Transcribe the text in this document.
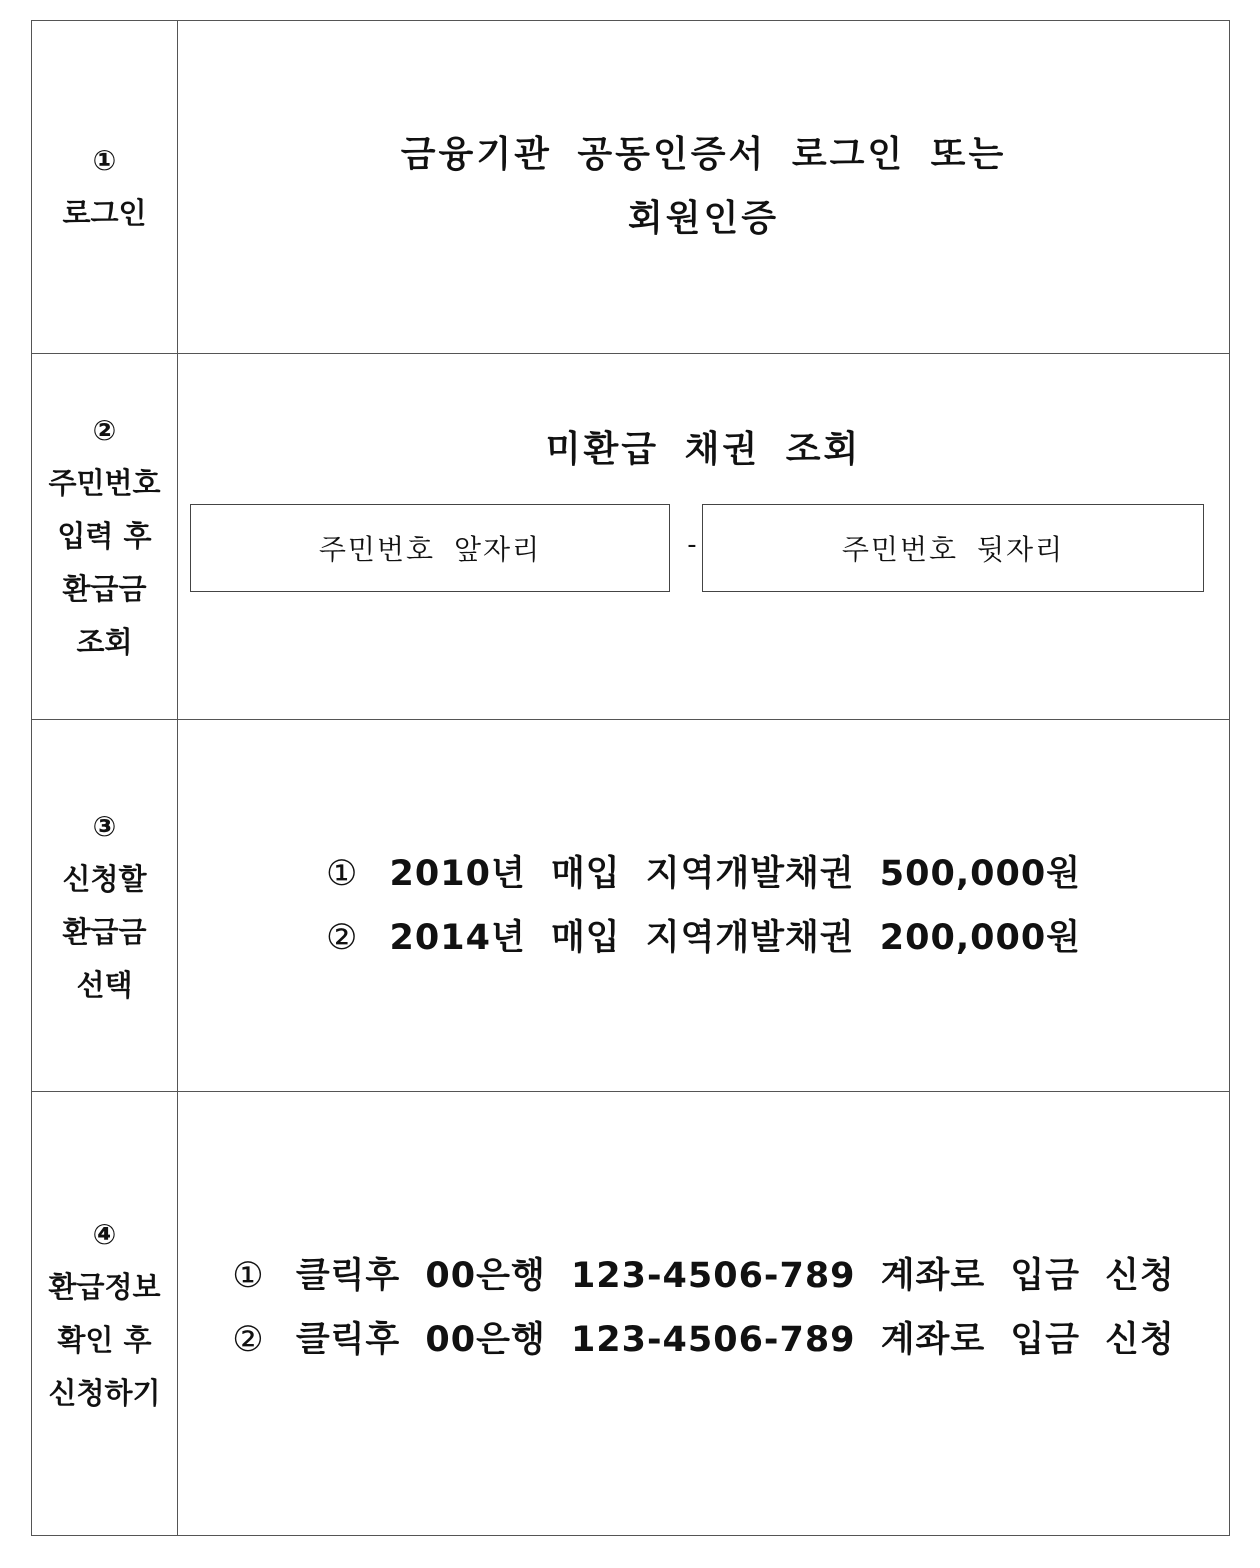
①
로그인
금융기관 공동인증서 로그인 또는
회원인증
②
주민번호
입력 후
환급금
조회
미환급 채권 조회
주민번호 앞자리	-	주민번호 뒷자리
③
신청할
환급금
선택
① 2010년 매입 지역개발채권 500,000원
② 2014년 매입 지역개발채권 200,000원
④
환급정보
확인 후
신청하기
① 클릭후 00은행 123-4506-789 계좌로 입금 신청
② 클릭후 00은행 123-4506-789 계좌로 입금 신청
